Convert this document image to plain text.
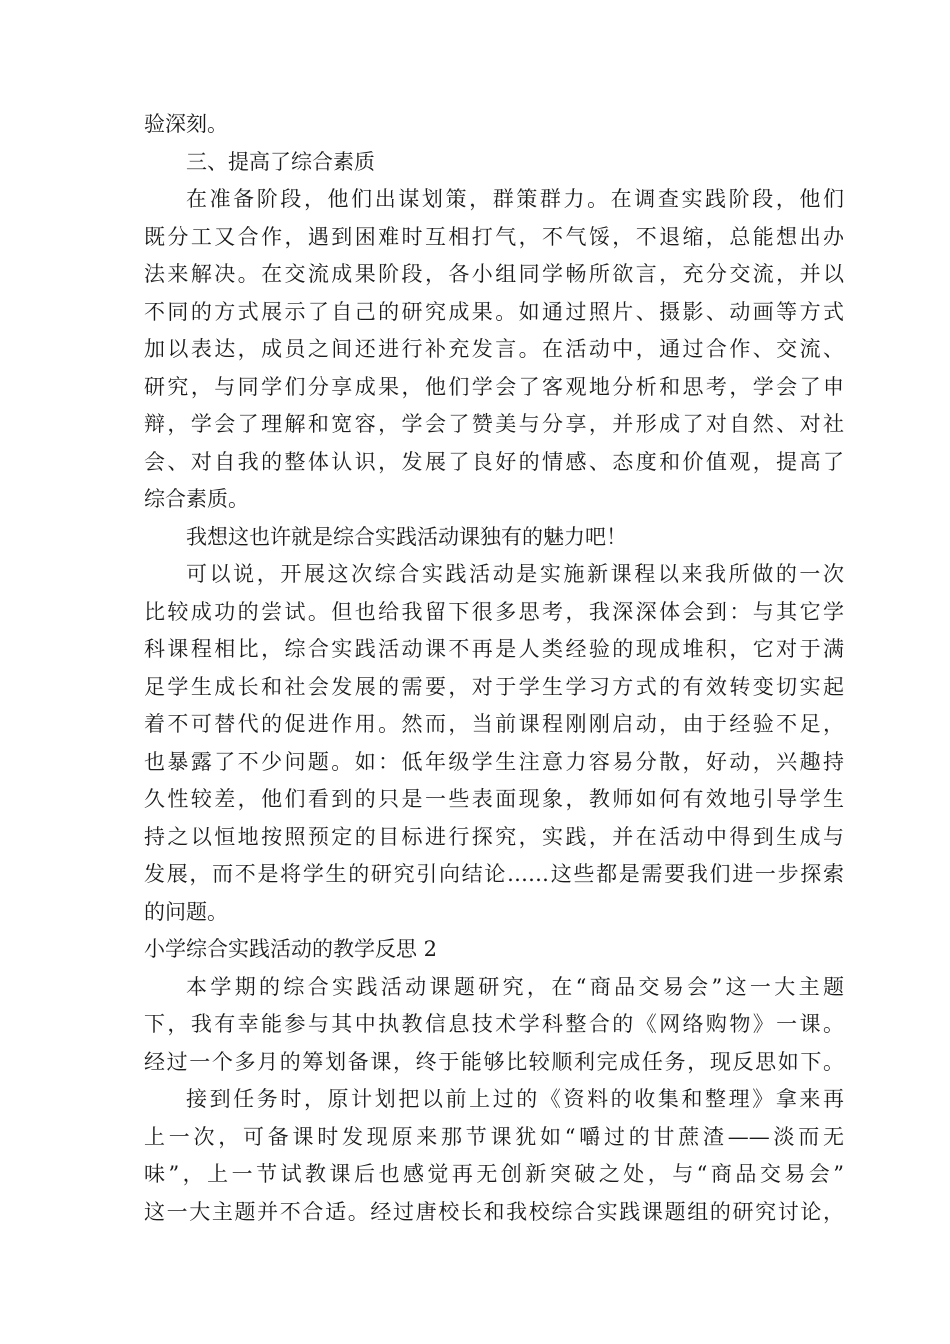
验深刻。
三、提高了综合素质
在准备阶段，他们出谋划策，群策群力。在调查实践阶段，他们
既分工又合作，遇到困难时互相打气，不气馁，不退缩，总能想出办
法来解决。在交流成果阶段，各小组同学畅所欲言，充分交流，并以
不同的方式展示了自己的研究成果。如通过照片、摄影、动画等方式
加以表达，成员之间还进行补充发言。在活动中，通过合作、交流、
研究，与同学们分享成果，他们学会了客观地分析和思考，学会了申
辩，学会了理解和宽容，学会了赞美与分享，并形成了对自然、对社
会、对自我的整体认识，发展了良好的情感、态度和价值观，提高了
综合素质。
我想这也许就是综合实践活动课独有的魅力吧！
可以说，开展这次综合实践活动是实施新课程以来我所做的一次
比较成功的尝试。但也给我留下很多思考，我深深体会到：与其它学
科课程相比，综合实践活动课不再是人类经验的现成堆积，它对于满
足学生成长和社会发展的需要，对于学生学习方式的有效转变切实起
着不可替代的促进作用。然而，当前课程刚刚启动，由于经验不足，
也暴露了不少问题。如：低年级学生注意力容易分散，好动，兴趣持
久性较差，他们看到的只是一些表面现象，教师如何有效地引导学生
持之以恒地按照预定的目标进行探究，实践，并在活动中得到生成与
发展，而不是将学生的研究引向结论……这些都是需要我们进一步探索
的问题。
小学综合实践活动的教学反思 2
本学期的综合实践活动课题研究，在“商品交易会”这一大主题
下，我有幸能参与其中执教信息技术学科整合的《网络购物》一课。
经过一个多月的筹划备课，终于能够比较顺利完成任务，现反思如下。
接到任务时，原计划把以前上过的《资料的收集和整理》拿来再
上一次，可备课时发现原来那节课犹如“嚼过的甘蔗渣——淡而无
味”，上一节试教课后也感觉再无创新突破之处，与“商品交易会”
这一大主题并不合适。经过唐校长和我校综合实践课题组的研究讨论，
